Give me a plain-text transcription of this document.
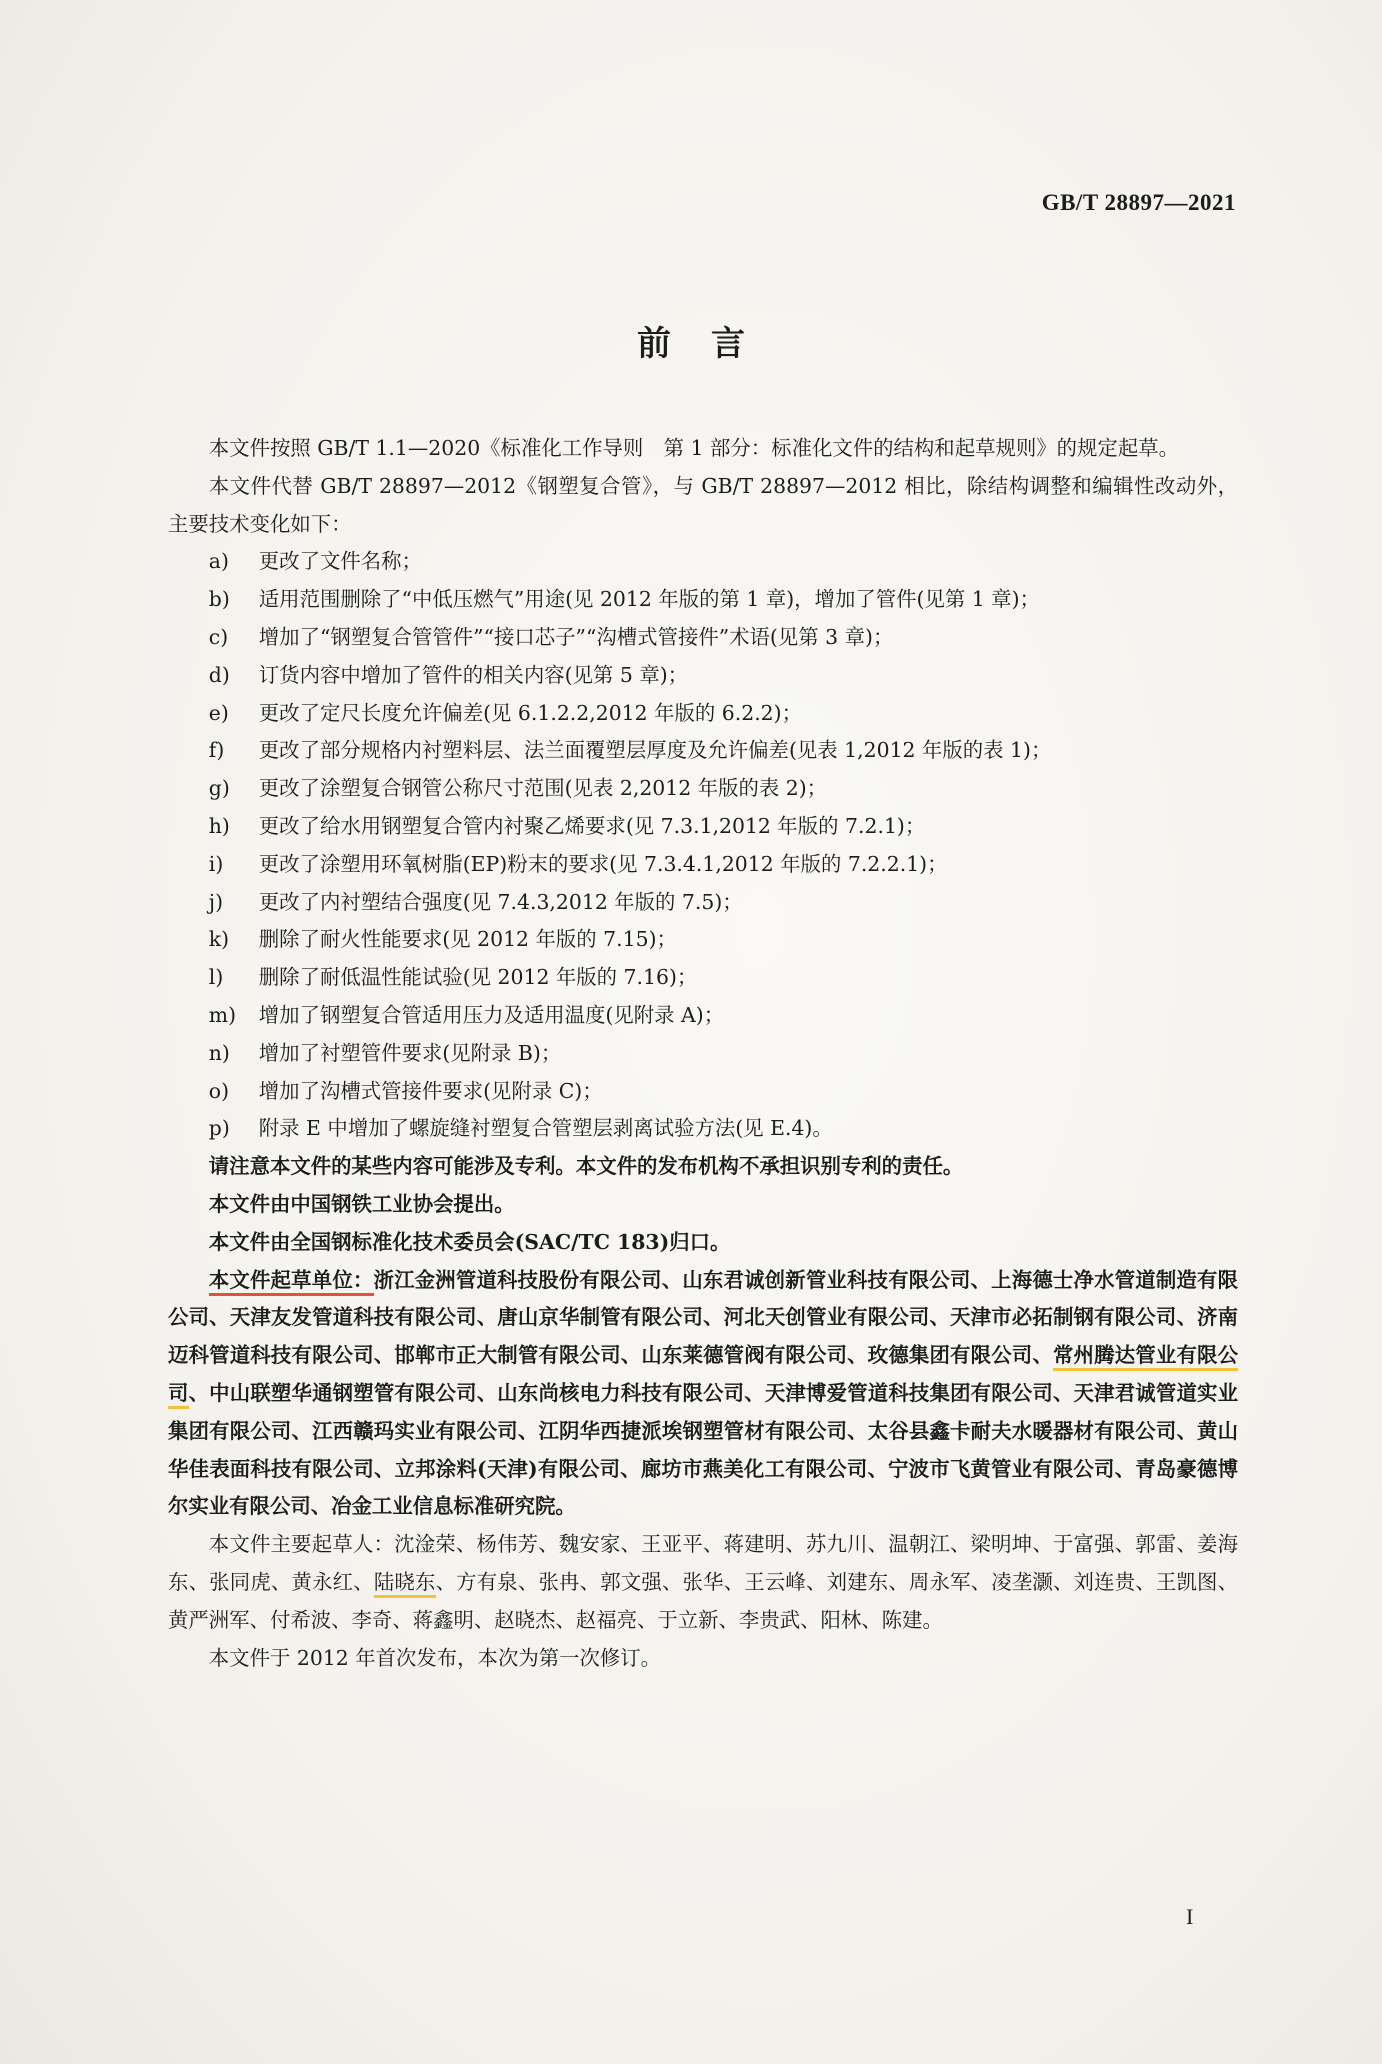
GB/T 28897—2021
前言

本文件按照 GB/T 1.1—2020《标准化工作导则　第 1 部分：标准化文件的结构和起草规则》的规定起草。

本文件代替 GB/T 28897—2012《钢塑复合管》，与 GB/T 28897—2012 相比，除结构调整和编辑性改动外，主要技术变化如下：

a) 更改了文件名称；

b) 适用范围删除了“中低压燃气”用途(见 2012 年版的第 1 章)，增加了管件(见第 1 章)；

c) 增加了“钢塑复合管管件”“接口芯子”“沟槽式管接件”术语(见第 3 章)；

d) 订货内容中增加了管件的相关内容(见第 5 章)；

e) 更改了定尺长度允许偏差(见 6.1.2.2,2012 年版的 6.2.2)；

f) 更改了部分规格内衬塑料层、法兰面覆塑层厚度及允许偏差(见表 1,2012 年版的表 1)；

g) 更改了涂塑复合钢管公称尺寸范围(见表 2,2012 年版的表 2)；

h) 更改了给水用钢塑复合管内衬聚乙烯要求(见 7.3.1,2012 年版的 7.2.1)；

i) 更改了涂塑用环氧树脂(EP)粉末的要求(见 7.3.4.1,2012 年版的 7.2.2.1)；

j) 更改了内衬塑结合强度(见 7.4.3,2012 年版的 7.5)；

k) 删除了耐火性能要求(见 2012 年版的 7.15)；

l) 删除了耐低温性能试验(见 2012 年版的 7.16)；

m) 增加了钢塑复合管适用压力及适用温度(见附录 A)；

n) 增加了衬塑管件要求(见附录 B)；

o) 增加了沟槽式管接件要求(见附录 C)；

p) 附录 E 中增加了螺旋缝衬塑复合管塑层剥离试验方法(见 E.4)。

请注意本文件的某些内容可能涉及专利。本文件的发布机构不承担识别专利的责任。

本文件由中国钢铁工业协会提出。

本文件由全国钢标准化技术委员会(SAC/TC 183)归口。

本文件起草单位：浙江金洲管道科技股份有限公司、山东君诚创新管业科技有限公司、上海德士净水管道制造有限公司、天津友发管道科技有限公司、唐山京华制管有限公司、河北天创管业有限公司、天津市必拓制钢有限公司、济南迈科管道科技有限公司、邯郸市正大制管有限公司、山东莱德管阀有限公司、玫德集团有限公司、常州腾达管业有限公司、中山联塑华通钢塑管有限公司、山东尚核电力科技有限公司、天津博爱管道科技集团有限公司、天津君诚管道实业集团有限公司、江西赣玛实业有限公司、江阴华西捷派埃钢塑管材有限公司、太谷县鑫卡耐夫水暖器材有限公司、黄山华佳表面科技有限公司、立邦涂料(天津)有限公司、廊坊市燕美化工有限公司、宁波市飞黄管业有限公司、青岛豪德博尔实业有限公司、冶金工业信息标准研究院。

本文件主要起草人：沈淦荣、杨伟芳、魏安家、王亚平、蒋建明、苏九川、温朝江、梁明坤、于富强、郭雷、姜海东、张同虎、黄永红、陆晓东、方有泉、张冉、郭文强、张华、王云峰、刘建东、周永军、凌垄灏、刘连贵、王凯图、黄严洲军、付希波、李奇、蒋鑫明、赵晓杰、赵福亮、于立新、李贵武、阳林、陈建。

本文件于 2012 年首次发布，本次为第一次修订。

I
